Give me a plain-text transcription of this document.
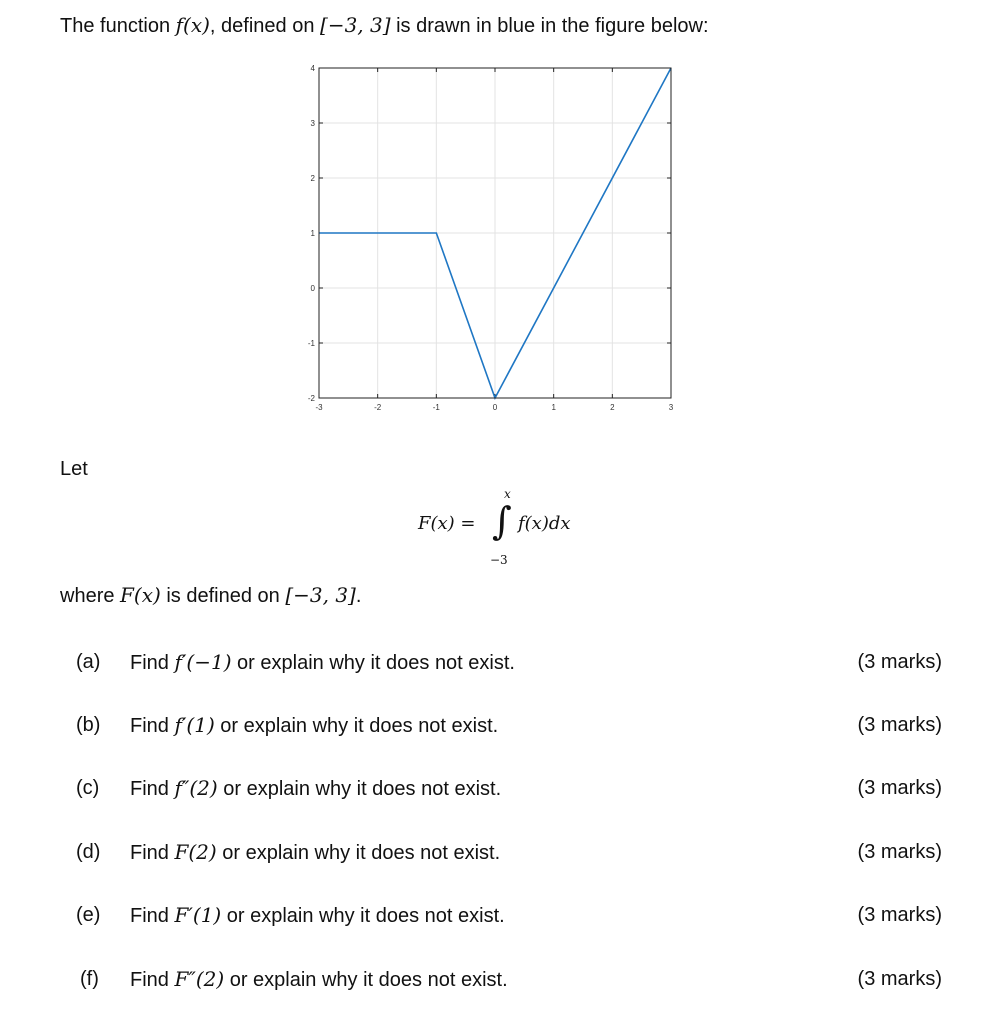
The function f(x), defined on [−3, 3] is drawn in blue in the figure below:
-3	-2	-1	0	1	2	3
-2
-1
0
1
2
3
4
Let
F(x) =
x
∫
−3
f(x)dx
where F(x) is defined on [−3, 3].
(a) Find f′(−1) or explain why it does not exist.	(3 marks)
(b) Find f′(1) or explain why it does not exist.	(3 marks)
(c) Find f″(2) or explain why it does not exist.	(3 marks)
(d) Find F(2) or explain why it does not exist.	(3 marks)
(e) Find F′(1) or explain why it does not exist.	(3 marks)
(f) Find F″(2) or explain why it does not exist.	(3 marks)
